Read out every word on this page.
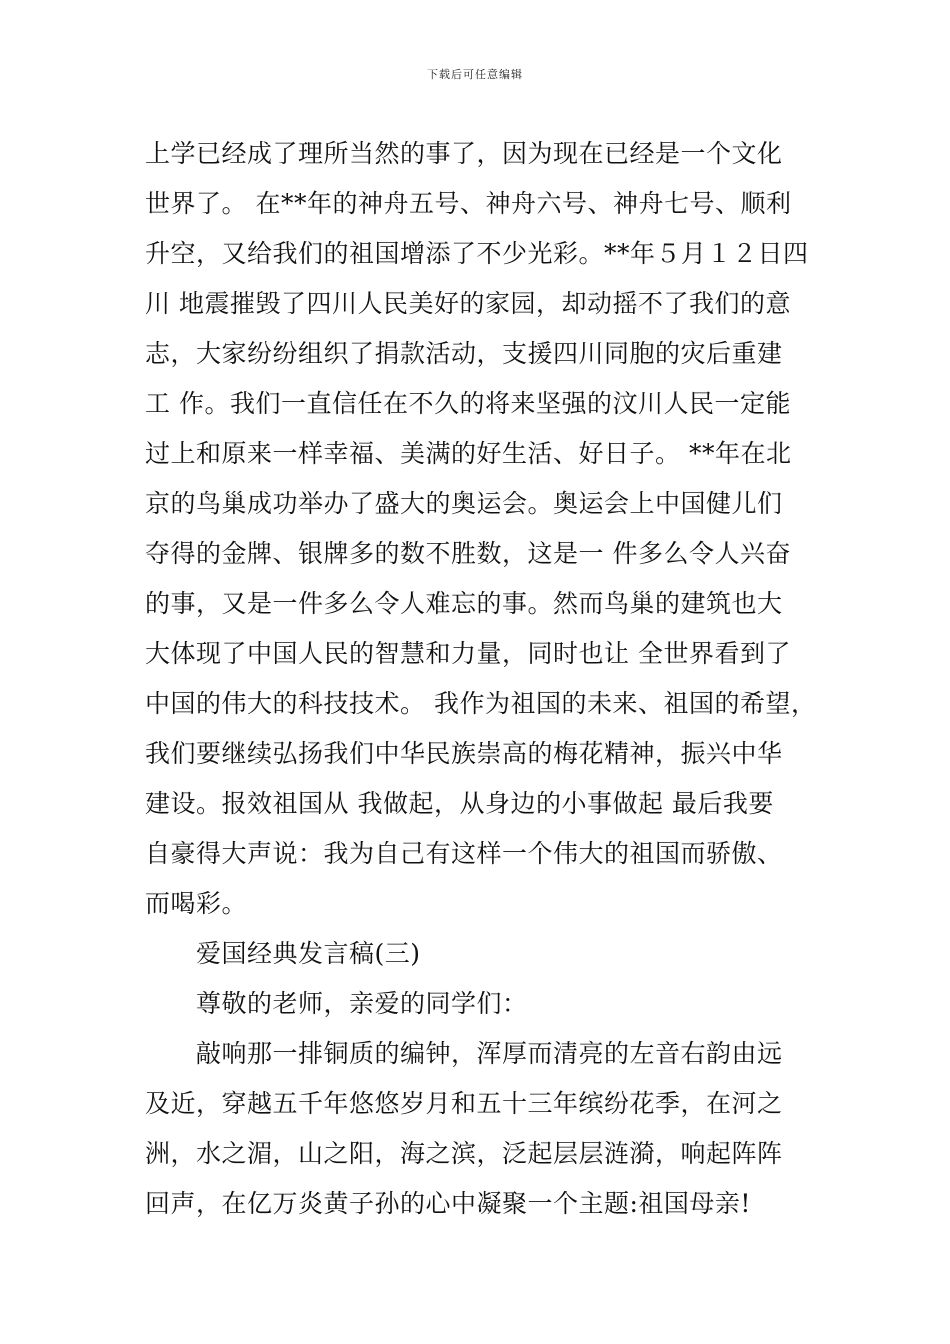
下载后可任意编辑
上学已经成了理所当然的事了，因为现在已经是一个文化
世界了。 在**年的神舟五号、神舟六号、神舟七号、顺利
升空，又给我们的祖国增添了不少光彩。**年５月１２日四
川 地震摧毁了四川人民美好的家园，却动摇不了我们的意
志，大家纷纷组织了捐款活动，支援四川同胞的灾后重建
工 作。我们一直信任在不久的将来坚强的汶川人民一定能
过上和原来一样幸福、美满的好生活、好日子。 **年在北
京的鸟巢成功举办了盛大的奥运会。奥运会上中国健儿们
夺得的金牌、银牌多的数不胜数，这是一 件多么令人兴奋
的事，又是一件多么令人难忘的事。然而鸟巢的建筑也大
大体现了中国人民的智慧和力量，同时也让 全世界看到了
中国的伟大的科技技术。 我作为祖国的未来、祖国的希望，
我们要继续弘扬我们中华民族崇高的梅花精神，振兴中华
建设。报效祖国从 我做起，从身边的小事做起 最后我要
自豪得大声说：我为自己有这样一个伟大的祖国而骄傲、
而喝彩。
爱国经典发言稿(三)
尊敬的老师，亲爱的同学们：
敲响那一排铜质的编钟，浑厚而清亮的左音右韵由远
及近，穿越五千年悠悠岁月和五十三年缤纷花季，在河之
洲，水之湄，山之阳，海之滨，泛起层层涟漪，响起阵阵
回声，在亿万炎黄子孙的心中凝聚一个主题:祖国母亲!
